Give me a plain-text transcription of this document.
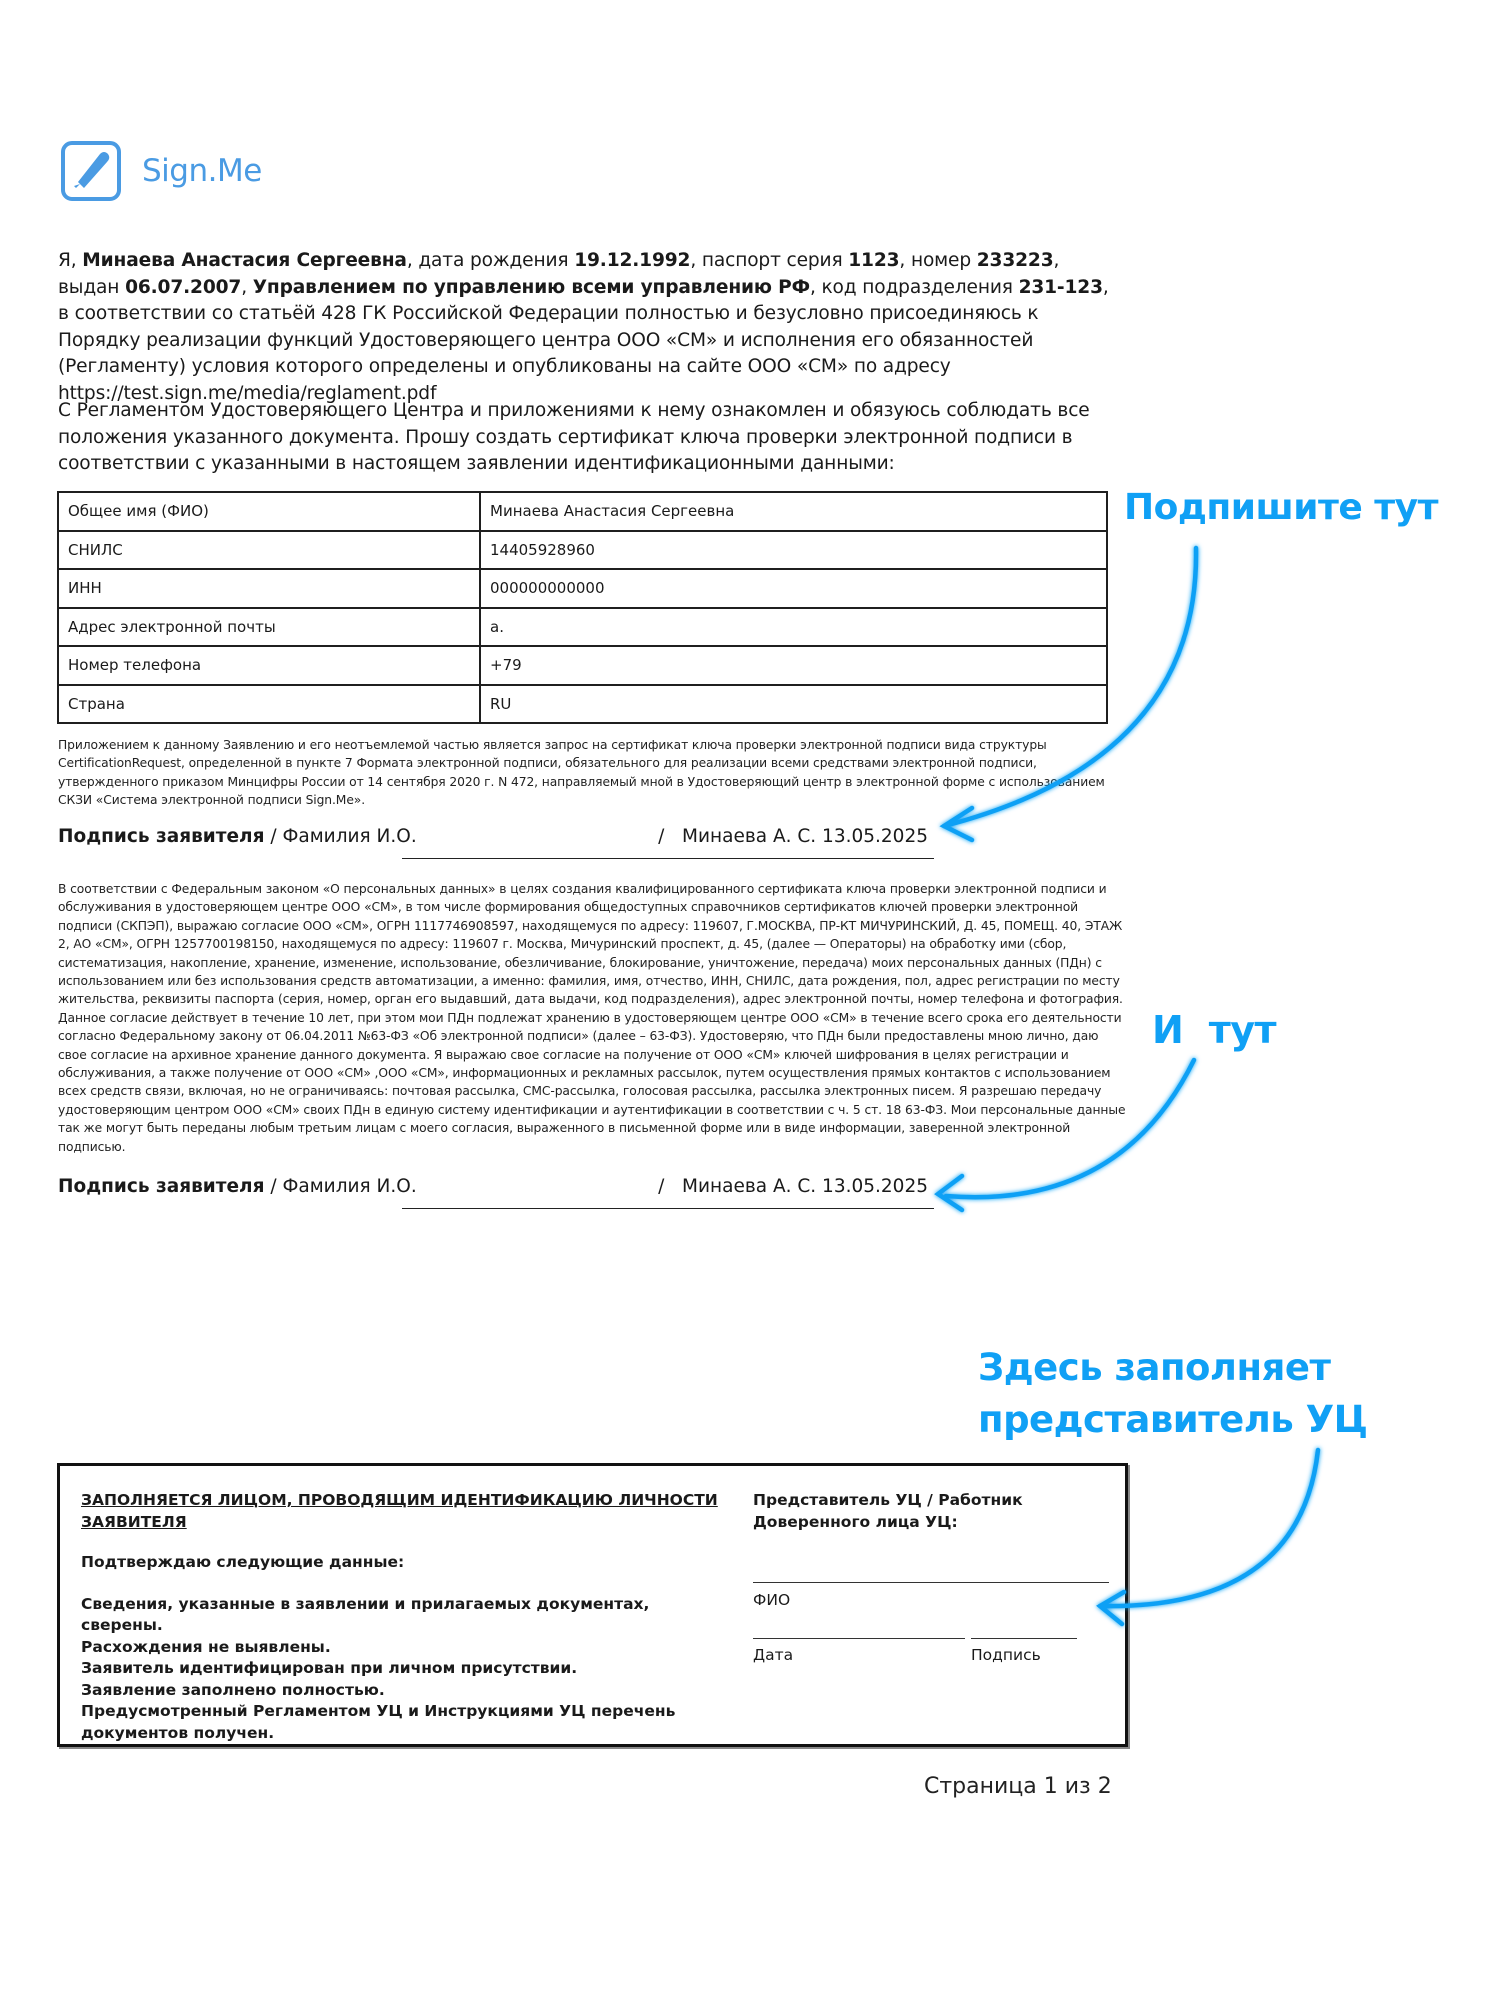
Sign.Me
Я, Минаева Анастасия Сергеевна, дата рождения 19.12.1992, паспорт серия 1123, номер 233223, выдан 06.07.2007, Управлением по управлению всеми управлению РФ, код подразделения 231-123, в соответствии со статьёй 428 ГК Российской Федерации полностью и безусловно присоединяюсь к Порядку реализации функций Удостоверяющего центра ООО «СМ» и исполнения его обязанностей (Регламенту) условия которого определены и опубликованы на сайте ООО «СМ» по адресу https://test.sign.me/media/reglament.pdf
С Регламентом Удостоверяющего Центра и приложениями к нему ознакомлен и обязуюсь соблюдать все положения указанного документа. Прошу создать сертификат ключа проверки электронной подписи в соответствии с указанными в настоящем заявлении идентификационными данными:
Общее имя (ФИО)	Минаева Анастасия Сергеевна
СНИЛС	14405928960
ИНН	000000000000
Адрес электронной почты	a.
Номер телефона	+79
Страна	RU
Приложением к данному Заявлению и его неотъемлемой частью является запрос на сертификат ключа проверки электронной подписи вида структуры CertificationRequest, определенной в пункте 7 Формата электронной подписи, обязательного для реализации всеми средствами электронной подписи, утвержденного приказом Минцифры России от 14 сентября 2020 г. N 472, направляемый мной в Удостоверяющий центр в электронной форме с использованием СКЗИ «Система электронной подписи Sign.Me».
Подпись заявителя / Фамилия И.О.	/   Минаева А. С. 13.05.2025
В соответствии с Федеральным законом «О персональных данных» в целях создания квалифицированного сертификата ключа проверки электронной подписи и обслуживания в удостоверяющем центре ООО «СМ», в том числе формирования общедоступных справочников сертификатов ключей проверки электронной подписи (СКПЭП), выражаю согласие ООО «СМ», ОГРН 1117746908597, находящемуся по адресу: 119607, Г.МОСКВА, ПР-КТ МИЧУРИНСКИЙ, Д. 45, ПОМЕЩ. 40, ЭТАЖ 2, АО «СМ», ОГРН 1257700198150, находящемуся по адресу: 119607 г. Москва, Мичуринский проспект, д. 45, (далее — Операторы) на обработку ими (сбор, систематизация, накопление, хранение, изменение, использование, обезличивание, блокирование, уничтожение, передача) моих персональных данных (ПДн) с использованием или без использования средств автоматизации, а именно: фамилия, имя, отчество, ИНН, СНИЛС, дата рождения, пол, адрес регистрации по месту жительства, реквизиты паспорта (серия, номер, орган его выдавший, дата выдачи, код подразделения), адрес электронной почты, номер телефона и фотография. Данное согласие действует в течение 10 лет, при этом мои ПДн подлежат хранению в удостоверяющем центре ООО «СМ» в течение всего срока его деятельности согласно Федеральному закону от 06.04.2011 №63-ФЗ «Об электронной подписи» (далее – 63-ФЗ). Удостоверяю, что ПДн были предоставлены мною лично, даю свое согласие на архивное хранение данного документа. Я выражаю свое согласие на получение от ООО «СМ» ключей шифрования в целях регистрации и обслуживания, а также получение от ООО «СМ» ,ООО «СМ», информационных и рекламных рассылок, путем осуществления прямых контактов с использованием всех средств связи, включая, но не ограничиваясь: почтовая рассылка, СМС-рассылка, голосовая рассылка, рассылка электронных писем. Я разрешаю передачу удостоверяющим центром ООО «СМ» своих ПДн в единую систему идентификации и аутентификации в соответствии с ч. 5 ст. 18 63-ФЗ. Мои персональные данные так же могут быть переданы любым третьим лицам с моего согласия, выраженного в письменной форме или в виде информации, заверенной электронной подписью.
Подпись заявителя / Фамилия И.О.	/   Минаева А. С. 13.05.2025
ЗАПОЛНЯЕТСЯ ЛИЦОМ, ПРОВОДЯЩИМ ИДЕНТИФИКАЦИЮ ЛИЧНОСТИ ЗАЯВИТЕЛЯ
Подтверждаю следующие данные:
Сведения, указанные в заявлении и прилагаемых документах, сверены.
Расхождения не выявлены.
Заявитель идентифицирован при личном присутствии.
Заявление заполнено полностью.
Предусмотренный Регламентом УЦ и Инструкциями УЦ перечень документов получен.
Представитель УЦ / Работник
Доверенного лица УЦ:
ФИО
Дата	Подпись
Страница 1 из 2
Подпишите тут
И  тут
Здесь заполняет
представитель УЦ
